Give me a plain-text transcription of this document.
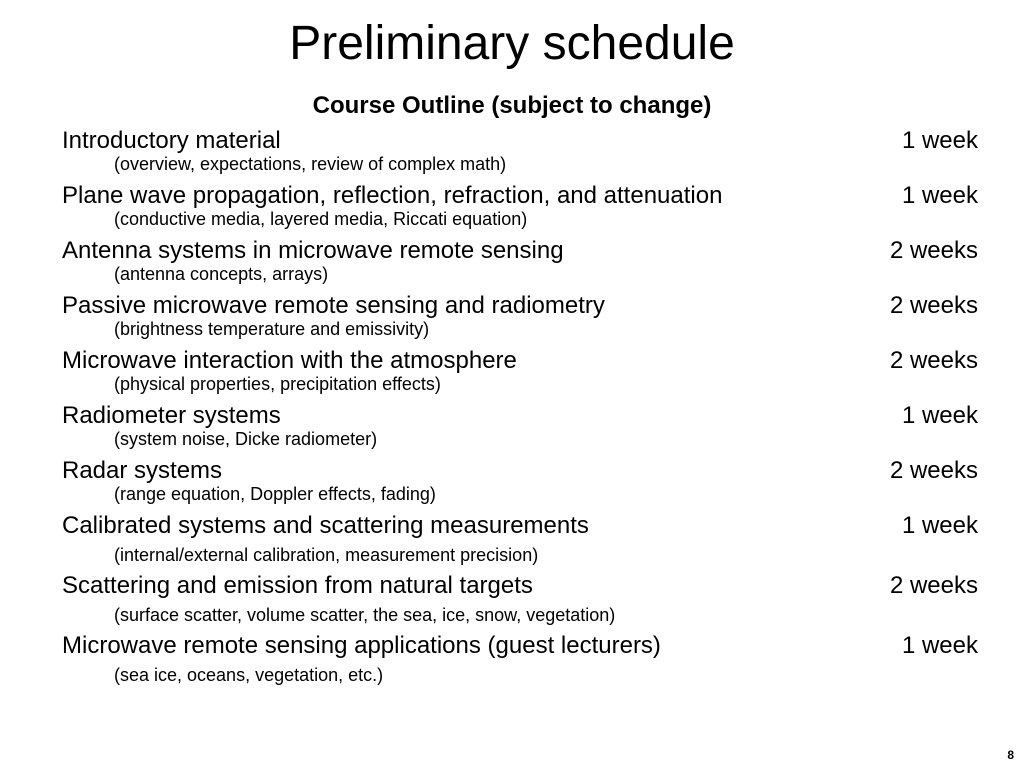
Preliminary schedule
Course Outline (subject to change)
Introductory material	1 week
(overview, expectations, review of complex math)
Plane wave propagation, reflection, refraction, and attenuation	1 week
(conductive media, layered media, Riccati equation)
Antenna systems in microwave remote sensing	2 weeks
(antenna concepts, arrays)
Passive microwave remote sensing and radiometry	2 weeks
(brightness temperature and emissivity)
Microwave interaction with the atmosphere	2 weeks
(physical properties, precipitation effects)
Radiometer systems	1 week
(system noise, Dicke radiometer)
Radar systems	2 weeks
(range equation, Doppler effects, fading)
Calibrated systems and scattering measurements	1 week
(internal/external calibration, measurement precision)
Scattering and emission from natural targets	2 weeks
(surface scatter, volume scatter, the sea, ice, snow, vegetation)
Microwave remote sensing applications (guest lecturers)	1 week
(sea ice, oceans, vegetation, etc.)
8
